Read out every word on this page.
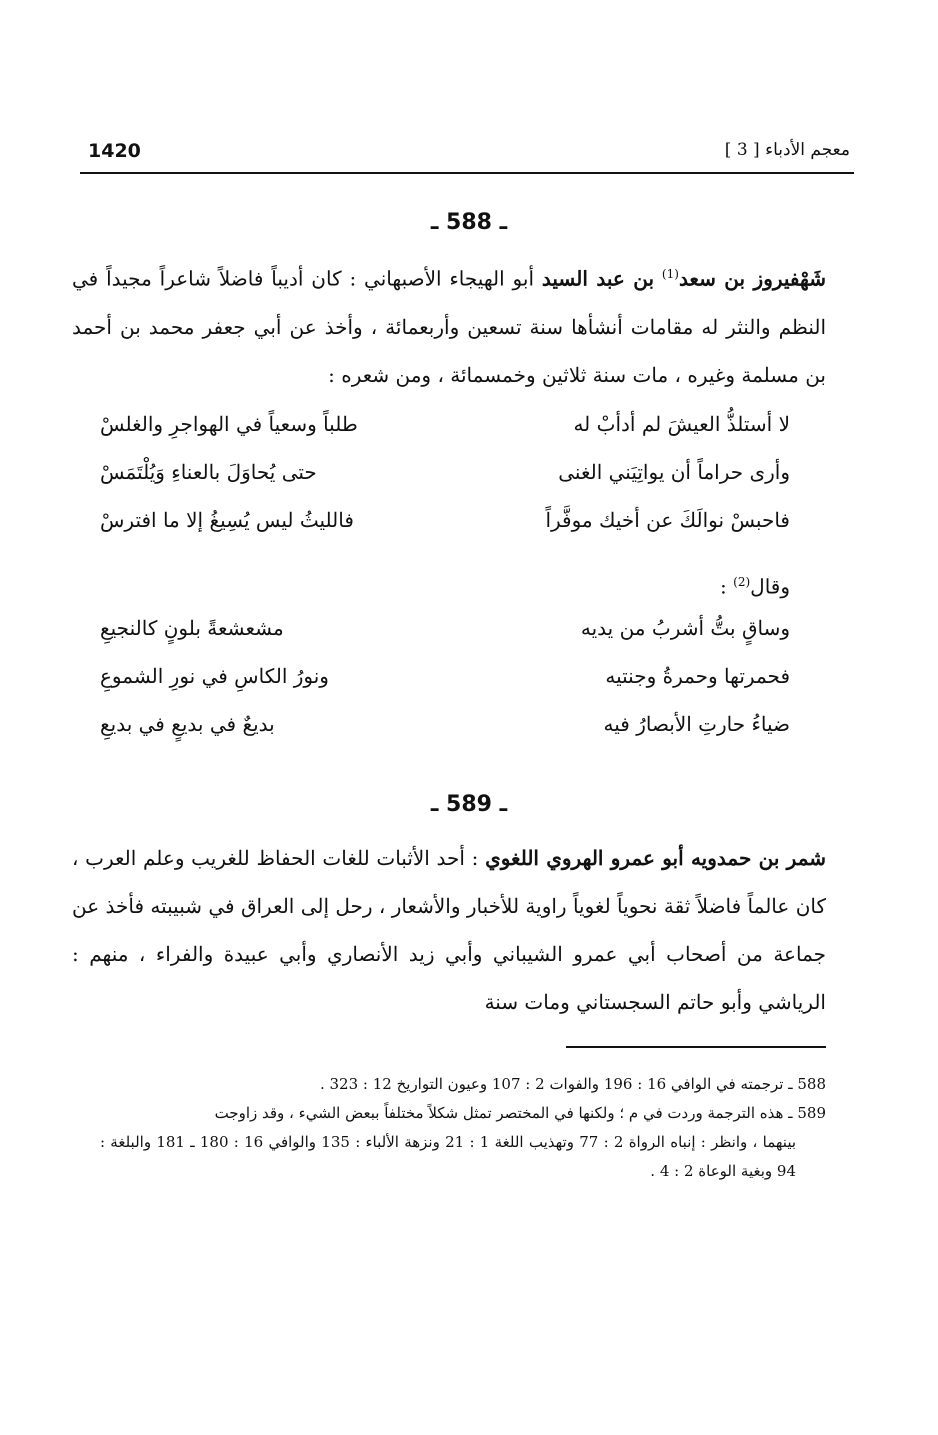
1420	معجم الأدباء [ 3 ]
ـ 588 ـ

شَهْفيروز بن سعد$^{(1)}$ بن عبد السيد أبو الهيجاء الأصبهاني : كان أديباً فاضلاً شاعراً مجيداً في النظم والنثر له مقامات أنشأها سنة تسعين وأربعمائة ، وأخذ عن أبي جعفر محمد بن أحمد بن مسلمة وغيره ، مات سنة ثلاثين وخمسمائة ، ومن شعره :

لا أستلذُّ العيشَ لم أدأبْ له
طلباً وسعياً في الهواجرِ والغلسْ
وأرى حراماً أن يواتِيَني الغنى
حتى يُحاوَلَ بالعناءِ وَيُلْتَمَسْ
فاحبسْ نوالَكَ عن أخيك موفَّراً
فالليثُ ليس يُسِيغُ إلا ما افترسْ
وقال$^{(2)}$ :
وساقٍ بتُّ أشربُ من يديه
مشعشعةً بلونٍ كالنجيعِ
فحمرتها وحمرةُ وجنتيه
ونورُ الكاسِ في نورِ الشموعِ
ضياءُ حارتِ الأبصارُ فيه
بديعٌ في بديعٍ في بديعِ
ـ 589 ـ

شمر بن حمدويه أبو عمرو الهروي اللغوي : أحد الأثبات للغات الحفاظ للغريب وعلم العرب ، كان عالماً فاضلاً ثقة نحوياً لغوياً راوية للأخبار والأشعار ، رحل إلى العراق في شبيبته فأخذ عن جماعة من أصحاب أبي عمرو الشيباني وأبي زيد الأنصاري وأبي عبيدة والفراء ، منهم : الرياشي وأبو حاتم السجستاني ومات سنة

588 ـ ترجمته في الوافي 16 : 196 والفوات 2 : 107 وعيون التواريخ 12 : 323 .

589 ـ هذه الترجمة وردت في م ؛ ولكنها في المختصر تمثل شكلاً مختلفاً ببعض الشيء ، وقد زاوجت

بينهما ، وانظر : إنباه الرواة 2 : 77 وتهذيب اللغة 1 : 21 ونزهة الألباء : 135 والوافي 16 : 180 ـ 181 والبلغة : 94 وبغية الوعاة 2 : 4 .
